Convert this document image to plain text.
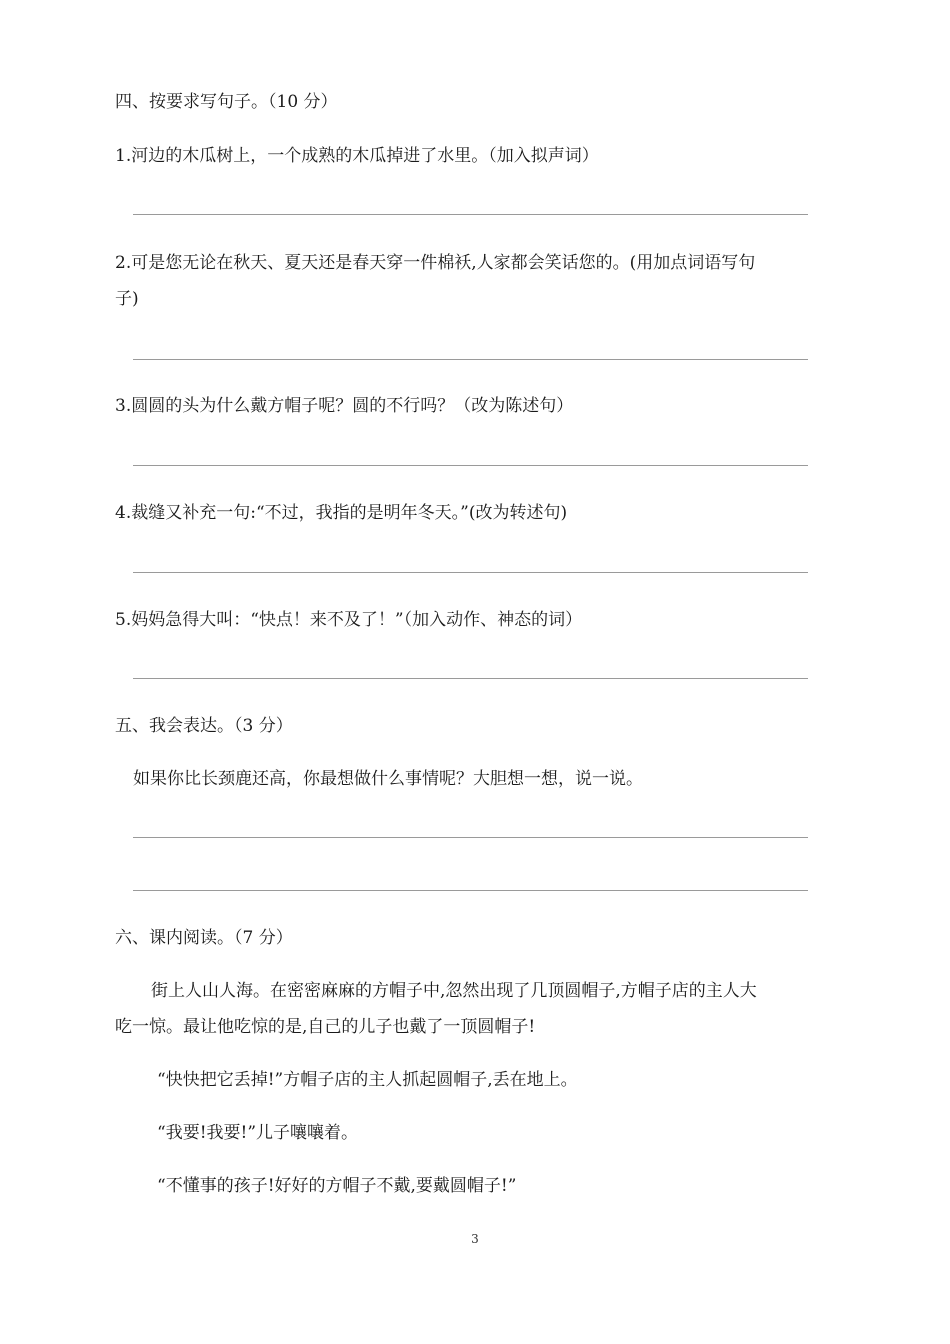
四、按要求写句子。（10 分）
1.河边的木瓜树上，一个成熟的木瓜掉进了水里。（加入拟声词）
2.可是您无论在秋天、夏天还是春天穿一件棉袄,人家都会笑话您的。(用加点词语写句
子)
3.圆圆的头为什么戴方帽子呢？圆的不行吗？（改为陈述句）
4.裁缝又补充一句:“不过，我指的是明年冬天。”(改为转述句)
5.妈妈急得大叫：“快点！来不及了！”（加入动作、神态的词）
五、我会表达。（3 分）
如果你比长颈鹿还高，你最想做什么事情呢？大胆想一想，说一说。
六、课内阅读。（7 分）
街上人山人海。在密密麻麻的方帽子中,忽然出现了几顶圆帽子,方帽子店的主人大
吃一惊。最让他吃惊的是,自己的儿子也戴了一顶圆帽子!
“快快把它丢掉!”方帽子店的主人抓起圆帽子,丢在地上。
“我要!我要!”儿子嚷嚷着。
“不懂事的孩子!好好的方帽子不戴,要戴圆帽子!”
3
